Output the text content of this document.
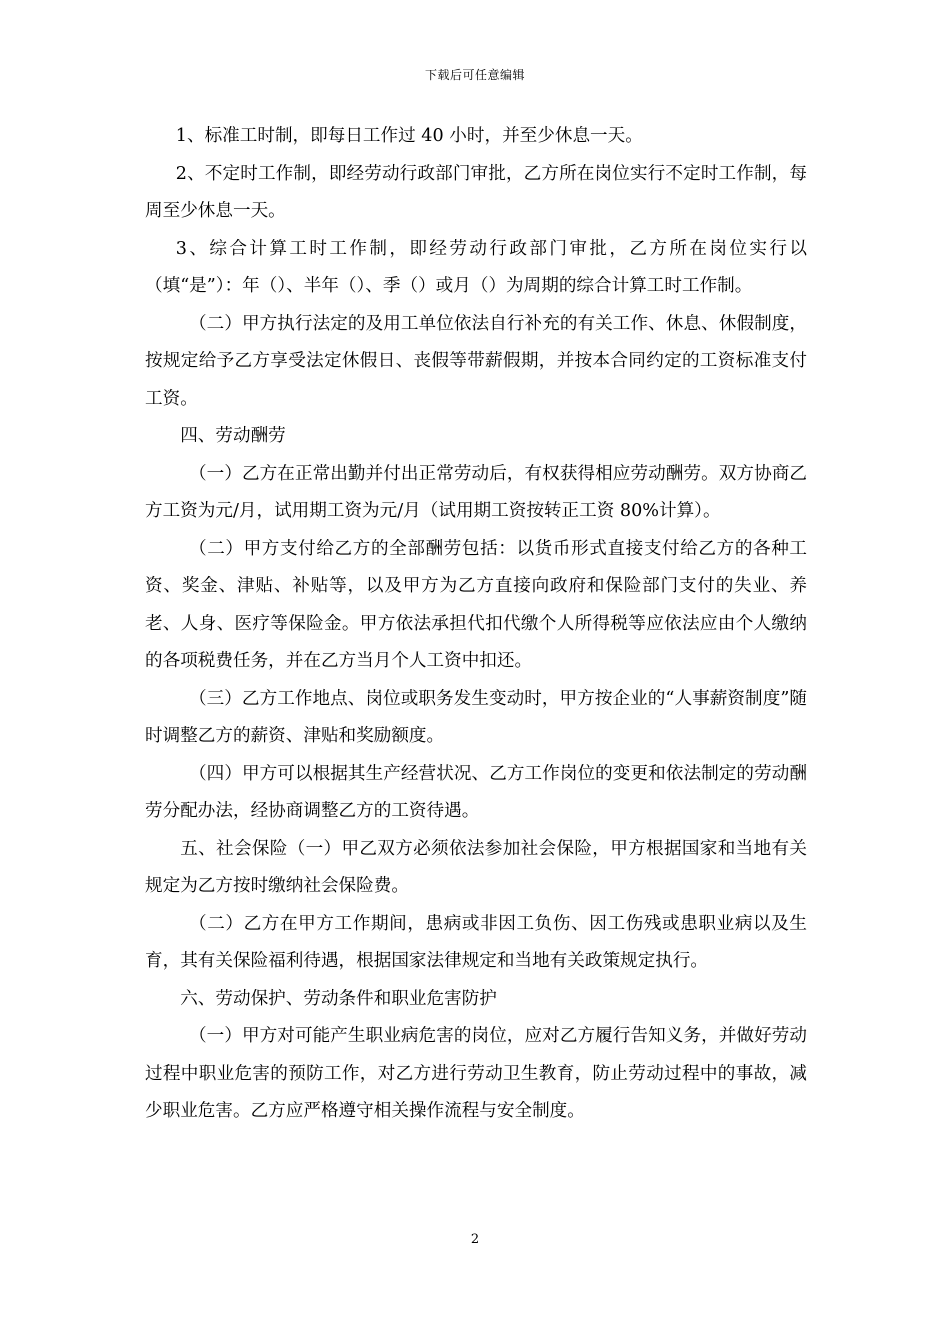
下载后可任意编辑

1、标准工时制，即每日工作过 40 小时，并至少休息一天。

2、不定时工作制，即经劳动行政部门审批，乙方所在岗位实行不定时工作制，每周至少休息一天。

3、综合计算工时工作制，即经劳动行政部门审批，乙方所在岗位实行以（填“是”）：年（）、半年（）、季（）或月（）为周期的综合计算工时工作制。

（二）甲方执行法定的及用工单位依法自行补充的有关工作、休息、休假制度，按规定给予乙方享受法定休假日、丧假等带薪假期，并按本合同约定的工资标准支付工资。

四、劳动酬劳

（一）乙方在正常出勤并付出正常劳动后，有权获得相应劳动酬劳。双方协商乙方工资为元/月，试用期工资为元/月（试用期工资按转正工资 80%计算）。

（二）甲方支付给乙方的全部酬劳包括：以货币形式直接支付给乙方的各种工资、奖金、津贴、补贴等，以及甲方为乙方直接向政府和保险部门支付的失业、养老、人身、医疗等保险金。甲方依法承担代扣代缴个人所得税等应依法应由个人缴纳的各项税费任务，并在乙方当月个人工资中扣还。

（三）乙方工作地点、岗位或职务发生变动时，甲方按企业的“人事薪资制度”随时调整乙方的薪资、津贴和奖励额度。

（四）甲方可以根据其生产经营状况、乙方工作岗位的变更和依法制定的劳动酬劳分配办法，经协商调整乙方的工资待遇。

五、社会保险（一）甲乙双方必须依法参加社会保险，甲方根据国家和当地有关规定为乙方按时缴纳社会保险费。

（二）乙方在甲方工作期间，患病或非因工负伤、因工伤残或患职业病以及生育，其有关保险福利待遇，根据国家法律规定和当地有关政策规定执行。

六、劳动保护、劳动条件和职业危害防护

（一）甲方对可能产生职业病危害的岗位，应对乙方履行告知义务，并做好劳动过程中职业危害的预防工作，对乙方进行劳动卫生教育，防止劳动过程中的事故，减少职业危害。乙方应严格遵守相关操作流程与安全制度。

2
